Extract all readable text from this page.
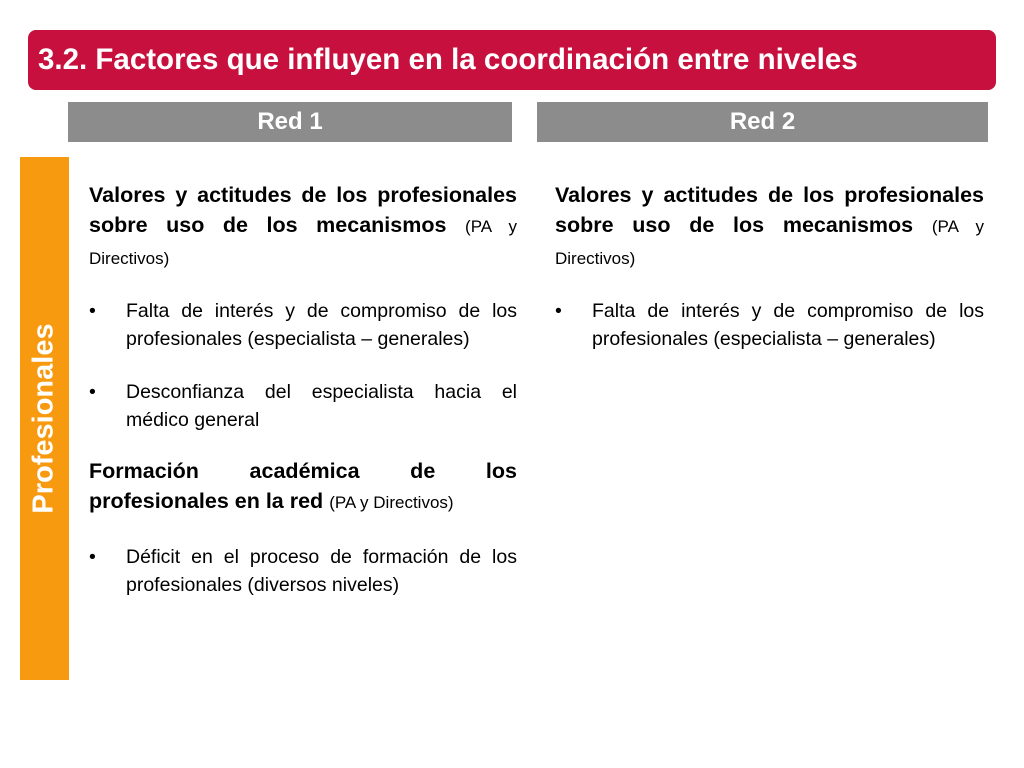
3.2. Factores que influyen en la coordinación entre niveles
Red 1	Red 2
Profesionales
Valores y actitudes de los profesionales sobre uso de los mecanismos (PA y Directivos)
• Falta de interés y de compromiso de los profesionales (especialista – generales)
• Desconfianza del especialista hacia el médico general
Formación académica de los profesionales en la red (PA y Directivos)
• Déficit en el proceso de formación de los profesionales (diversos niveles)
Valores y actitudes de los profesionales sobre uso de los mecanismos (PA y Directivos)
• Falta de interés y de compromiso de los profesionales (especialista – generales)
